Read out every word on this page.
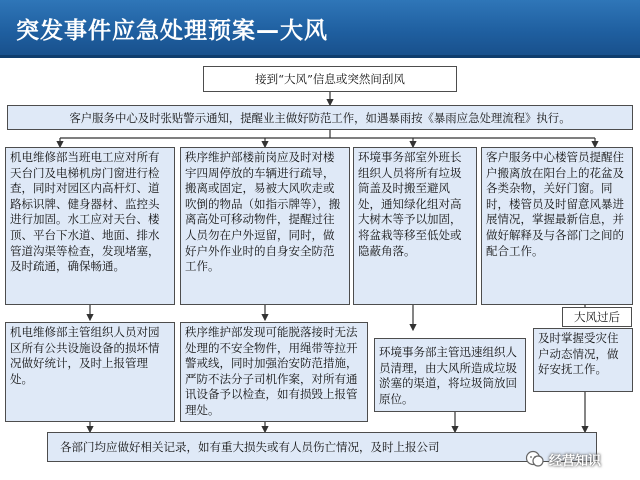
突发事件应急处理预案—大风
接到“大风”信息或突然间刮风
客户服务中心及时张贴警示通知，提醒业主做好防范工作，如遇暴雨按《暴雨应急处理流程》执行。
机电维修部当班电工应对所有天台门及电梯机房门窗进行检查，同时对园区内高杆灯、道路标识牌、健身器材、监控头进行加固。水工应对天台、楼顶、平台下水道、地面、排水管道沟渠等检查，发现堵塞，及时疏通，确保畅通。
秩序维护部楼前岗应及时对楼宇四周停放的车辆进行疏导，搬离或固定，易被大风吹走或吹倒的物品（如指示牌等），搬离高处可移动物件，提醒过往人员勿在户外逗留，同时，做好户外作业时的自身安全防范工作。
环境事务部室外班长组织人员将所有垃圾筒盖及时搬至避风处，通知绿化组对高大树木等予以加固，将盆栽等移至低处或隐蔽角落。
客户服务中心楼管员提醒住户搬离放在阳台上的花盆及各类杂物，关好门窗。同时，楼管员及时留意风暴进展情况，掌握最新信息，并做好解释及与各部门之间的配合工作。
大风过后
机电维修部主管组织人员对园区所有公共设施设备的损坏情况做好统计，及时上报管理处。
秩序维护部发现可能脱落接时无法处理的不安全物件，用绳带等拉开警戒线，同时加强治安防范措施，严防不法分子司机作案，对所有通讯设备予以检查，如有损毁上报管理处。
环境事务部主管迅速组织人员清理，由大风所造成垃圾淤塞的渠道，将垃圾筒放回原位。
及时掌握受灾住户动态情况，做好安抚工作。
各部门均应做好相关记录，如有重大损失或有人员伤亡情况，及时上报公司
经营知识
